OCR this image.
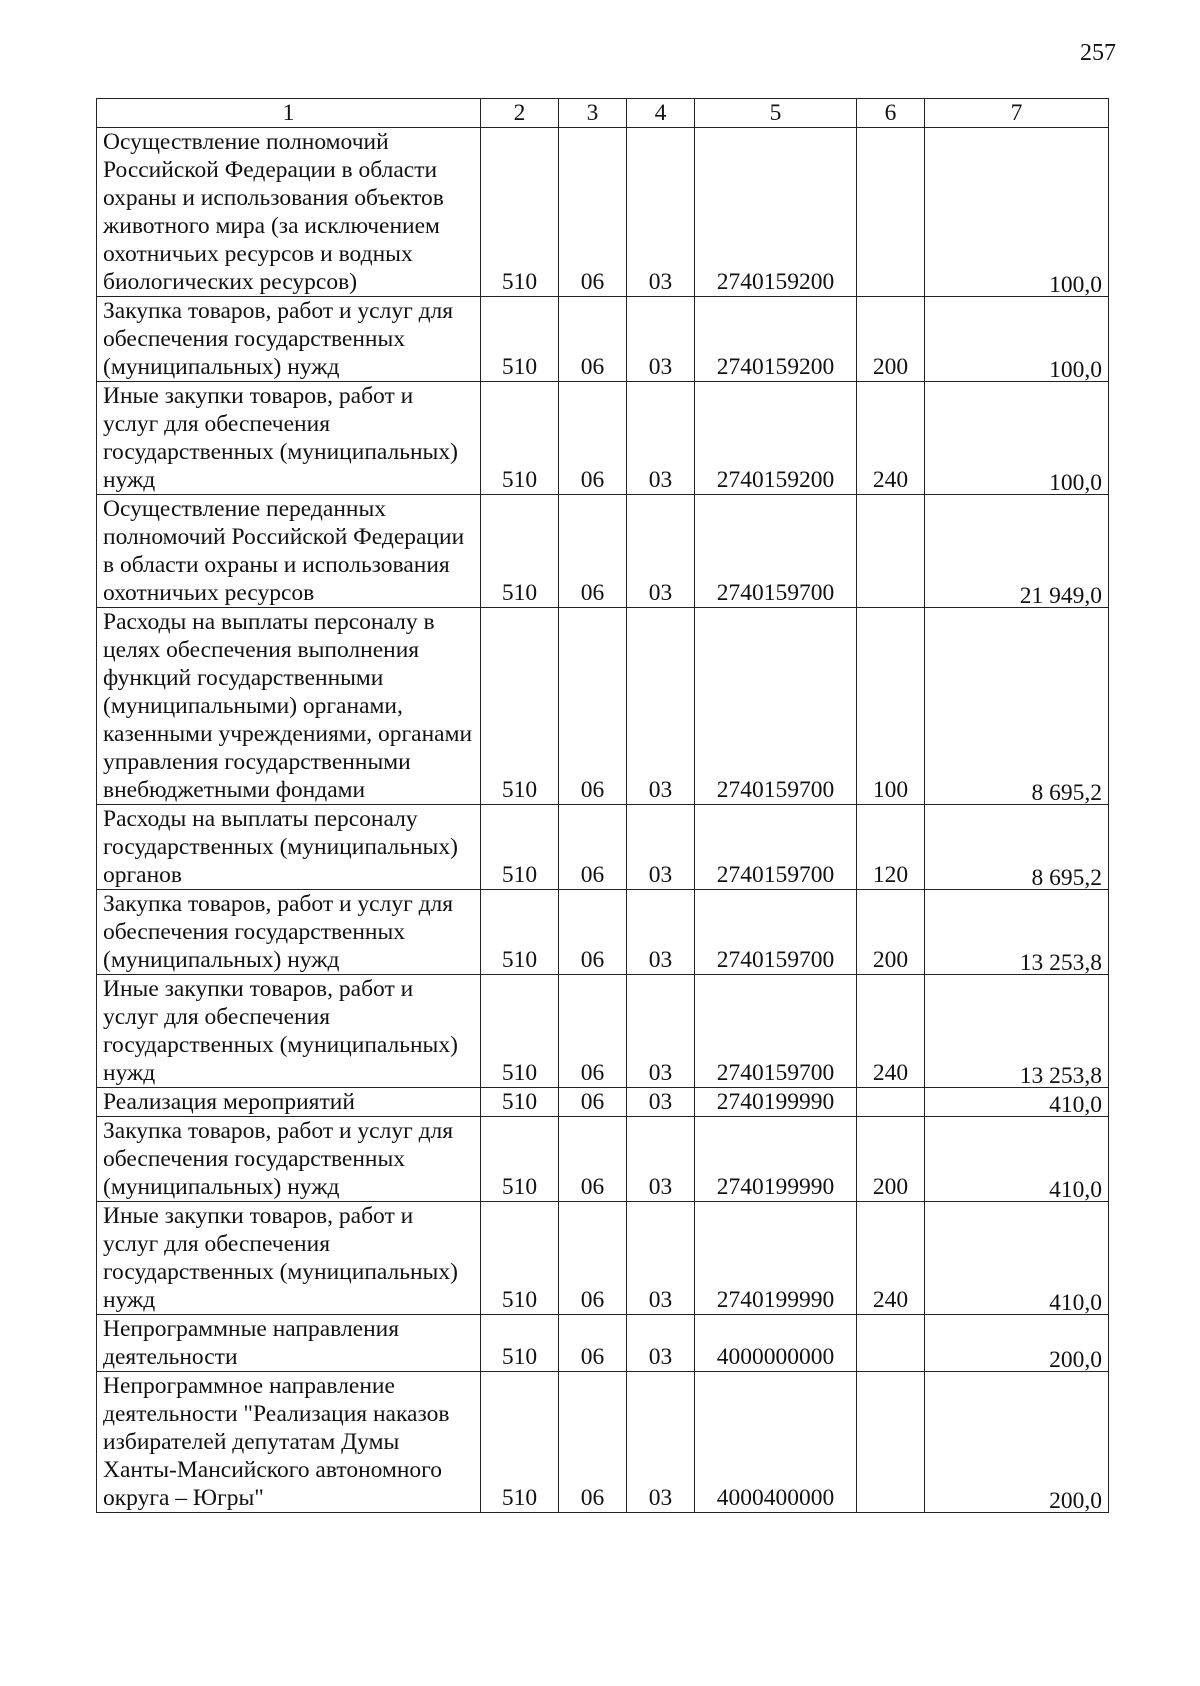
257
1	2	3	4	5	6	7
Осуществление полномочий Российской Федерации в области охраны и использования объектов животного мира (за исключением охотничьих ресурсов и водных биологических ресурсов)	510	06	03	2740159200		100,0
Закупка товаров, работ и услуг для обеспечения государственных (муниципальных) нужд	510	06	03	2740159200	200	100,0
Иные закупки товаров, работ и услуг для обеспечения государственных (муниципальных) нужд	510	06	03	2740159200	240	100,0
Осуществление переданных полномочий Российской Федерации в области охраны и использования охотничьих ресурсов	510	06	03	2740159700		21 949,0
Расходы на выплаты персоналу в целях обеспечения выполнения функций государственными (муниципальными) органами, казенными учреждениями, органами управления государственными внебюджетными фондами	510	06	03	2740159700	100	8 695,2
Расходы на выплаты персоналу государственных (муниципальных) органов	510	06	03	2740159700	120	8 695,2
Закупка товаров, работ и услуг для обеспечения государственных (муниципальных) нужд	510	06	03	2740159700	200	13 253,8
Иные закупки товаров, работ и услуг для обеспечения государственных (муниципальных) нужд	510	06	03	2740159700	240	13 253,8
Реализация мероприятий	510	06	03	2740199990		410,0
Закупка товаров, работ и услуг для обеспечения государственных (муниципальных) нужд	510	06	03	2740199990	200	410,0
Иные закупки товаров, работ и услуг для обеспечения государственных (муниципальных) нужд	510	06	03	2740199990	240	410,0
Непрограммные направления деятельности	510	06	03	4000000000		200,0
Непрограммное направление деятельности "Реализация наказов избирателей депутатам Думы Ханты-Мансийского автономного округа – Югры"	510	06	03	4000400000		200,0
